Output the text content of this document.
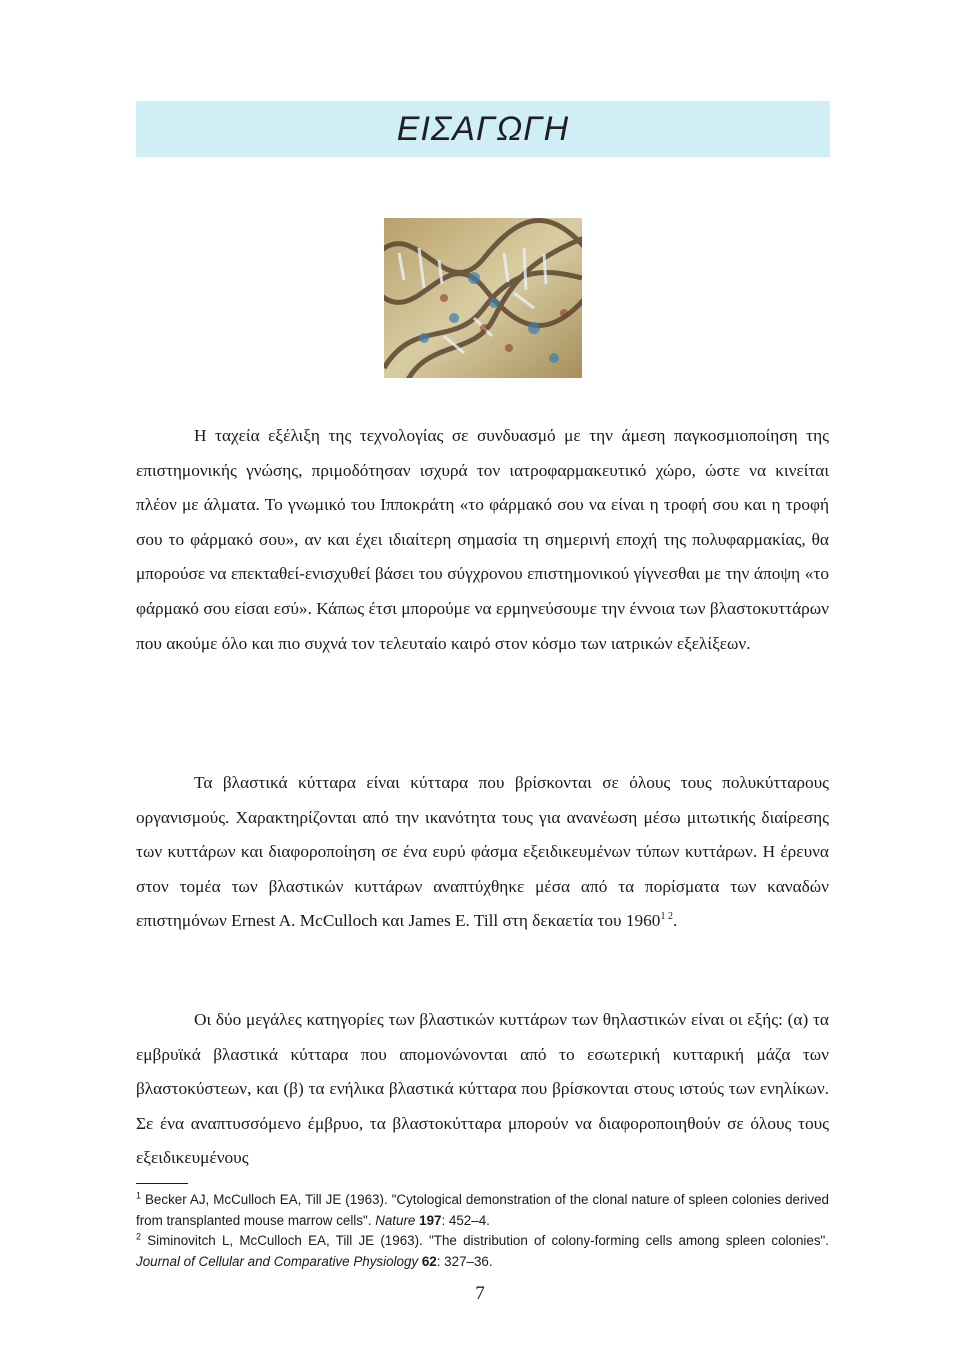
ΕΙΣΑΓΩΓΗ

Η ταχεία εξέλιξη της τεχνολογίας σε συνδυασμό με την άμεση παγκοσμιοποίηση της επιστημονικής γνώσης, πριμοδότησαν ισχυρά τον ιατροφαρμακευτικό χώρο, ώστε να κινείται πλέον με άλματα. Το γνωμικό του Ιπποκράτη «το φάρμακό σου να είναι η τροφή σου και η τροφή σου το φάρμακό σου», αν και έχει ιδιαίτερη σημασία τη σημερινή εποχή της πολυφαρμακίας, θα μπορούσε να επεκταθεί-ενισχυθεί βάσει του σύγχρονου επιστημονικού γίγνεσθαι με την άποψη «το φάρμακό σου είσαι εσύ». Κάπως έτσι μπορούμε να ερμηνεύσουμε την έννοια των βλαστοκυττάρων που ακούμε όλο και πιο συχνά τον τελευταίο καιρό στον κόσμο των ιατρικών εξελίξεων.

Τα βλαστικά κύτταρα είναι κύτταρα που βρίσκονται σε όλους τους πολυκύτταρους οργανισμούς. Χαρακτηρίζονται από την ικανότητα τους για ανανέωση μέσω μιτωτικής διαίρεσης των κυττάρων και διαφοροποίηση σε ένα ευρύ φάσμα εξειδικευμένων τύπων κυττάρων. Η έρευνα στον τομέα των βλαστικών κυττάρων αναπτύχθηκε μέσα από τα πορίσματα των καναδών επιστημόνων Ernest A. McCulloch και James E. Till στη δεκαετία του $1960^{1 2}$.

Οι δύο μεγάλες κατηγορίες των βλαστικών κυττάρων των θηλαστικών είναι οι εξής: (α) τα εμβρυϊκά βλαστικά κύτταρα που απομονώνονται από το εσωτερική κυτταρική μάζα των βλαστοκύστεων, και (β) τα ενήλικα βλαστικά κύτταρα που βρίσκονται στους ιστούς των ενηλίκων. Σε ένα αναπτυσσόμενο έμβρυο, τα βλαστοκύτταρα μπορούν να διαφοροποιηθούν σε όλους τους εξειδικευμένους

$^1$ Becker AJ, McCulloch EA, Till JE (1963). "Cytological demonstration of the clonal nature of spleen colonies derived from transplanted mouse marrow cells". Nature 197: 452–4.

$^2$ Siminovitch L, McCulloch EA, Till JE (1963). "The distribution of colony-forming cells among spleen colonies". Journal of Cellular and Comparative Physiology 62: 327–36.

7
